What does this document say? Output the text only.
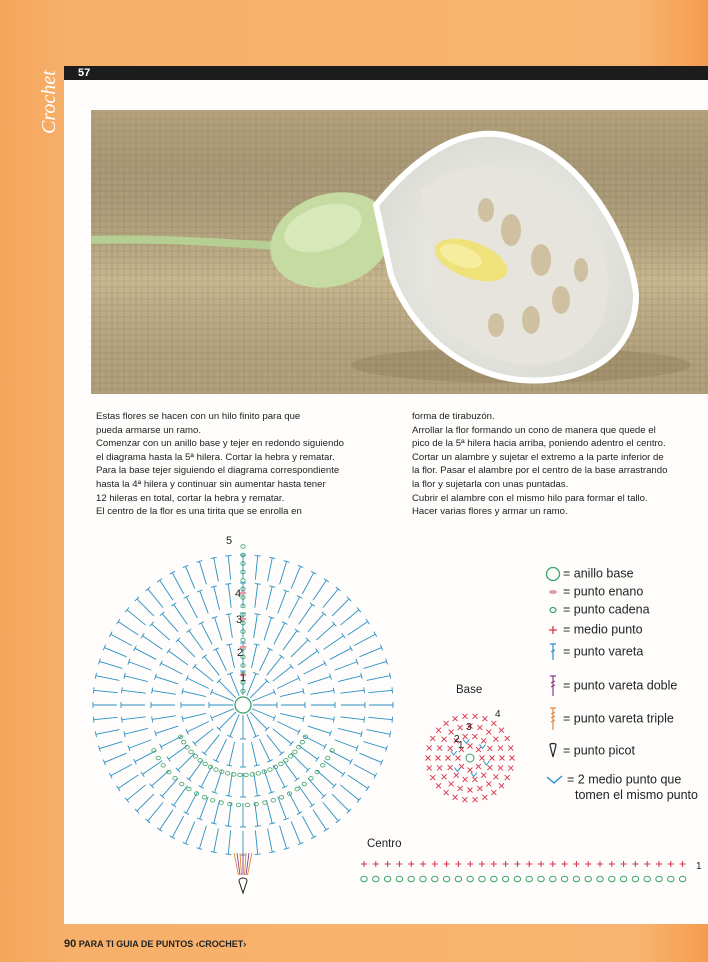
57
Crochet

Estas flores se hacen con un hilo finito para que

pueda armarse un ramo.

Comenzar con un anillo base y tejer en redondo siguiendo

el diagrama hasta la 5ª hilera. Cortar la hebra y rematar.

Para la base tejer siguiendo el diagrama correspondiente

hasta la 4ª hilera y continuar sin aumentar hasta tener

12 hileras en total, cortar la hebra y rematar.

El centro de la flor es una tirita que se enrolla en

forma de tirabuzón.

Arrollar la flor formando un cono de manera que quede el

pico de la 5ª hilera hacia arriba, poniendo adentro el centro.

Cortar un alambre y sujetar el extremo a la parte inferior de

la flor. Pasar el alambre por el centro de la base arrastrando

la flor y sujetarla con unas puntadas.

Cubrir el alambre con el mismo hilo para formar el tallo.

Hacer varias flores y armar un ramo.

5
4
3
2
1
Base
1
2
3
4
Centro
1
= anillo base
= punto enano
= punto cadena
= medio punto
= punto vareta
= punto vareta doble
= punto vareta triple
= punto picot
= 2 medio punto que
tomen el mismo punto
90 PARA TI GUIA DE PUNTOS ‹CROCHET›
